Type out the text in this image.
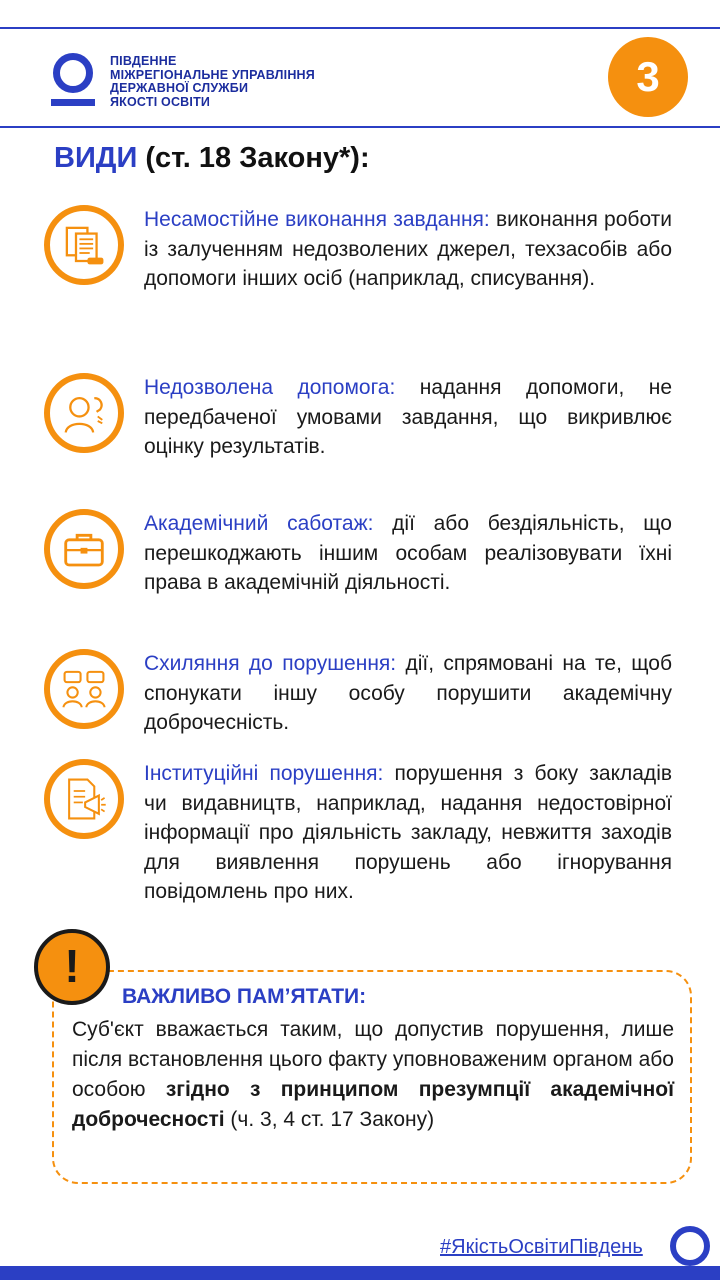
ПІВДЕННЕ
МІЖРЕГІОНАЛЬНЕ УПРАВЛІННЯ
ДЕРЖАВНОЇ СЛУЖБИ
ЯКОСТІ ОСВІТИ
3
ВИДИ (ст. 18 Закону*):
Несамостійне виконання завдання: виконання роботи із залученням недозволених джерел, техзасобів або допомоги інших осіб (наприклад, списування).
Недозволена допомога: надання допомоги, не передбаченої умовами завдання, що викривлює оцінку результатів.
Академічний саботаж: дії або бездіяльність, що перешкоджають іншим особам реалізовувати їхні права в академічній діяльності.
Схиляння до порушення: дії, спрямовані на те, щоб спонукати іншу особу порушити академічну доброчесність.
Інституційні порушення: порушення з боку закладів чи видавництв, наприклад, надання недостовірної інформації про діяльність закладу, невжиття заходів для виявлення порушень або ігнорування повідомлень про них.
!
ВАЖЛИВО ПАМ’ЯТАТИ:
Суб'єкт вважається таким, що допустив порушення, лише після встановлення цього факту уповноваженим органом або особою згідно з принципом презумпції академічної доброчесності (ч. 3, 4 ст. 17 Закону)
#ЯкістьОсвітиПівдень
